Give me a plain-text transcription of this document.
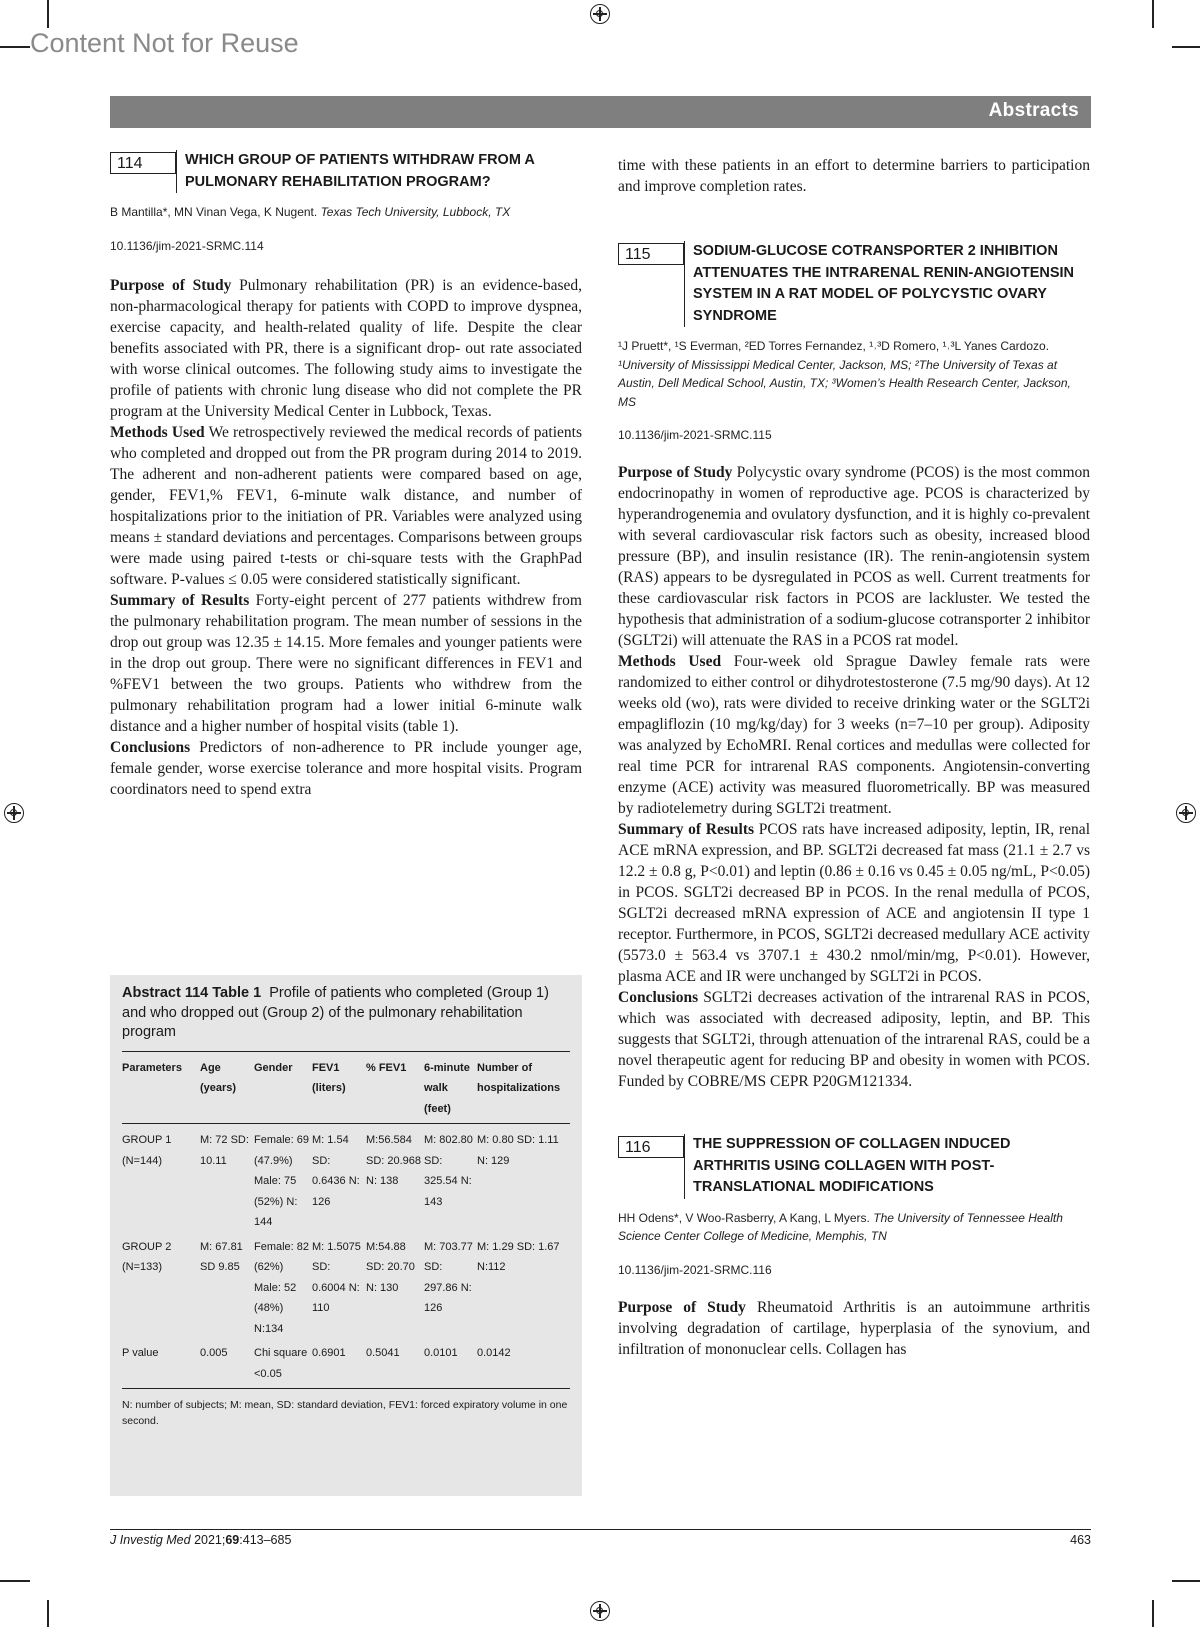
Content Not for Reuse
Abstracts
114	WHICH GROUP OF PATIENTS WITHDRAW FROM A PULMONARY REHABILITATION PROGRAM?
B Mantilla*, MN Vinan Vega, K Nugent. Texas Tech University, Lubbock, TX
10.1136/jim-2021-SRMC.114

Purpose of Study Pulmonary rehabilitation (PR) is an evidence-based, non-pharmacological therapy for patients with COPD to improve dyspnea, exercise capacity, and health-related quality of life. Despite the clear benefits associated with PR, there is a significant drop- out rate associated with worse clinical outcomes. The following study aims to investigate the profile of patients with chronic lung disease who did not complete the PR program at the University Medical Center in Lubbock, Texas.

Methods Used We retrospectively reviewed the medical records of patients who completed and dropped out from the PR program during 2014 to 2019. The adherent and non-adherent patients were compared based on age, gender, FEV1,% FEV1, 6-minute walk distance, and number of hospitalizations prior to the initiation of PR. Variables were analyzed using means ± standard deviations and percentages. Comparisons between groups were made using paired t-tests or chi-square tests with the GraphPad software. P-values ≤ 0.05 were considered statistically significant.

Summary of Results Forty-eight percent of 277 patients withdrew from the pulmonary rehabilitation program. The mean number of sessions in the drop out group was 12.35 ± 14.15. More females and younger patients were in the drop out group. There were no significant differences in FEV1 and %FEV1 between the two groups. Patients who withdrew from the pulmonary rehabilitation program had a lower initial 6-minute walk distance and a higher number of hospital visits (table 1).

Conclusions Predictors of non-adherence to PR include younger age, female gender, worse exercise tolerance and more hospital visits. Program coordinators need to spend extra

Abstract 114 Table 1 Profile of patients who completed (Group 1) and who dropped out (Group 2) of the pulmonary rehabilitation program
Parameters	Age (years)	Gender	FEV1 (liters)	% FEV1	6-minute walk (feet)	Number of hospitalizations
GROUP 1 (N=144)	M: 72 SD: 10.11	Female: 69 (47.9%) Male: 75 (52%) N: 144	M: 1.54 SD: 0.6436 N: 126	M:56.584 SD: 20.968 N: 138	M: 802.80 SD: 325.54 N: 143	M: 0.80 SD: 1.11 N: 129
GROUP 2 (N=133)	M: 67.81 SD 9.85	Female: 82 (62%) Male: 52 (48%) N:134	M: 1.5075 SD: 0.6004 N: 110	M:54.88 SD: 20.70 N: 130	M: 703.77 SD: 297.86 N: 126	M: 1.29 SD: 1.67 N:112
P value	0.005	Chi square <0.05	0.6901	0.5041	0.0101	0.0142
N: number of subjects; M: mean, SD: standard deviation, FEV1: forced expiratory volume in one second.

time with these patients in an effort to determine barriers to participation and improve completion rates.

115	SODIUM-GLUCOSE COTRANSPORTER 2 INHIBITION ATTENUATES THE INTRARENAL RENIN-ANGIOTENSIN SYSTEM IN A RAT MODEL OF POLYCYSTIC OVARY SYNDROME
¹J Pruett*, ¹S Everman, ²ED Torres Fernandez, ¹˒³D Romero, ¹˒³L Yanes Cardozo. ¹University of Mississippi Medical Center, Jackson, MS; ²The University of Texas at Austin, Dell Medical School, Austin, TX; ³Women’s Health Research Center, Jackson, MS
10.1136/jim-2021-SRMC.115

Purpose of Study Polycystic ovary syndrome (PCOS) is the most common endocrinopathy in women of reproductive age. PCOS is characterized by hyperandrogenemia and ovulatory dysfunction, and it is highly co-prevalent with several cardiovascular risk factors such as obesity, increased blood pressure (BP), and insulin resistance (IR). The renin-angiotensin system (RAS) appears to be dysregulated in PCOS as well. Current treatments for these cardiovascular risk factors in PCOS are lackluster. We tested the hypothesis that administration of a sodium-glucose cotransporter 2 inhibitor (SGLT2i) will attenuate the RAS in a PCOS rat model.

Methods Used Four-week old Sprague Dawley female rats were randomized to either control or dihydrotestosterone (7.5 mg/90 days). At 12 weeks old (wo), rats were divided to receive drinking water or the SGLT2i empagliflozin (10 mg/kg/day) for 3 weeks (n=7–10 per group). Adiposity was analyzed by EchoMRI. Renal cortices and medullas were collected for real time PCR for intrarenal RAS components. Angiotensin-converting enzyme (ACE) activity was measured fluorometrically. BP was measured by radiotelemetry during SGLT2i treatment.

Summary of Results PCOS rats have increased adiposity, leptin, IR, renal ACE mRNA expression, and BP. SGLT2i decreased fat mass (21.1 ± 2.7 vs 12.2 ± 0.8 g, P<0.01) and leptin (0.86 ± 0.16 vs 0.45 ± 0.05 ng/mL, P<0.05) in PCOS. SGLT2i decreased BP in PCOS. In the renal medulla of PCOS, SGLT2i decreased mRNA expression of ACE and angiotensin II type 1 receptor. Furthermore, in PCOS, SGLT2i decreased medullary ACE activity (5573.0 ± 563.4 vs 3707.1 ± 430.2 nmol/min/mg, P<0.01). However, plasma ACE and IR were unchanged by SGLT2i in PCOS.

Conclusions SGLT2i decreases activation of the intrarenal RAS in PCOS, which was associated with decreased adiposity, leptin, and BP. This suggests that SGLT2i, through attenuation of the intrarenal RAS, could be a novel therapeutic agent for reducing BP and obesity in women with PCOS. Funded by COBRE/MS CEPR P20GM121334.

116	THE SUPPRESSION OF COLLAGEN INDUCED ARTHRITIS USING COLLAGEN WITH POST-TRANSLATIONAL MODIFICATIONS
HH Odens*, V Woo-Rasberry, A Kang, L Myers. The University of Tennessee Health Science Center College of Medicine, Memphis, TN
10.1136/jim-2021-SRMC.116

Purpose of Study Rheumatoid Arthritis is an autoimmune arthritis involving degradation of cartilage, hyperplasia of the synovium, and infiltration of mononuclear cells. Collagen has

J Investig Med 2021;69:413–685	463
